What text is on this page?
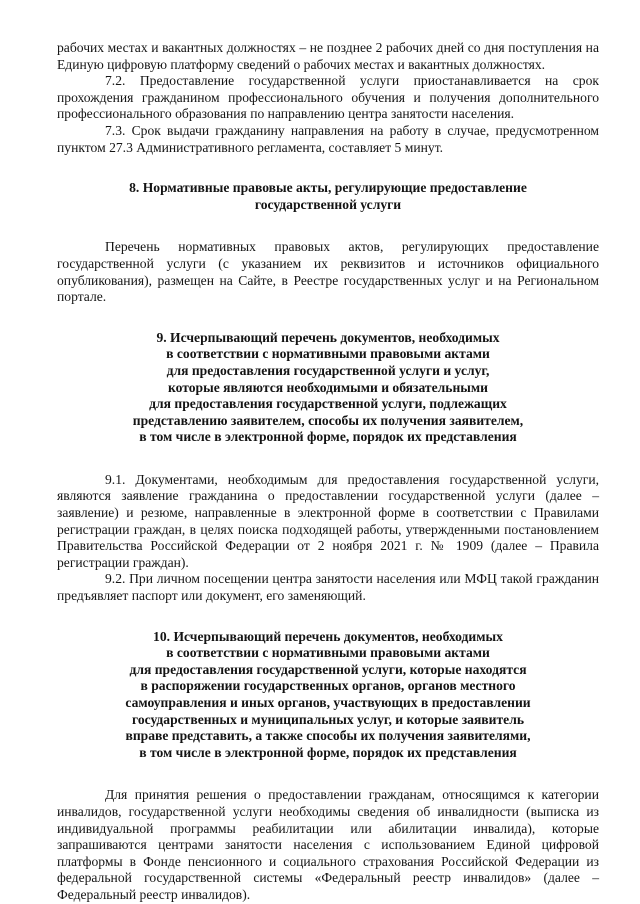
рабочих местах и вакантных должностях – не позднее 2 рабочих дней со дня поступления на Единую цифровую платформу сведений о рабочих местах и вакантных должностях.

7.2. Предоставление государственной услуги приостанавливается на срок прохождения гражданином профессионального обучения и получения дополнительного профессионального образования по направлению центра занятости населения.

7.3. Срок выдачи гражданину направления на работу в случае, предусмотренном пунктом 27.3 Административного регламента, составляет 5 минут.

8. Нормативные правовые акты, регулирующие предоставление
государственной услуги

Перечень нормативных правовых актов, регулирующих предоставление государственной услуги (с указанием их реквизитов и источников официального опубликования), размещен на Сайте, в Реестре государственных услуг и на Региональном портале.

9. Исчерпывающий перечень документов, необходимых
в соответствии с нормативными правовыми актами
для предоставления государственной услуги и услуг,
которые являются необходимыми и обязательными
для предоставления государственной услуги, подлежащих
представлению заявителем, способы их получения заявителем,
в том числе в электронной форме, порядок их представления

9.1. Документами, необходимым для предоставления государственной услуги, являются заявление гражданина о предоставлении государственной услуги (далее – заявление) и резюме, направленные в электронной форме в соответствии с Правилами регистрации граждан, в целях поиска подходящей работы, утвержденными постановлением Правительства Российской Федерации от 2 ноября 2021 г. № 1909 (далее – Правила регистрации граждан).

9.2. При личном посещении центра занятости населения или МФЦ такой гражданин предъявляет паспорт или документ, его заменяющий.

10. Исчерпывающий перечень документов, необходимых
в соответствии с нормативными правовыми актами
для предоставления государственной услуги, которые находятся
в распоряжении государственных органов, органов местного
самоуправления и иных органов, участвующих в предоставлении
государственных и муниципальных услуг, и которые заявитель
вправе представить, а также способы их получения заявителями,
в том числе в электронной форме, порядок их представления

Для принятия решения о предоставлении гражданам, относящимся к категории инвалидов, государственной услуги необходимы сведения об инвалидности (выписка из индивидуальной программы реабилитации или абилитации инвалида), которые запрашиваются центрами занятости населения с использованием Единой цифровой платформы в Фонде пенсионного и социального страхования Российской Федерации из федеральной государственной системы «Федеральный реестр инвалидов» (далее – Федеральный реестр инвалидов).
